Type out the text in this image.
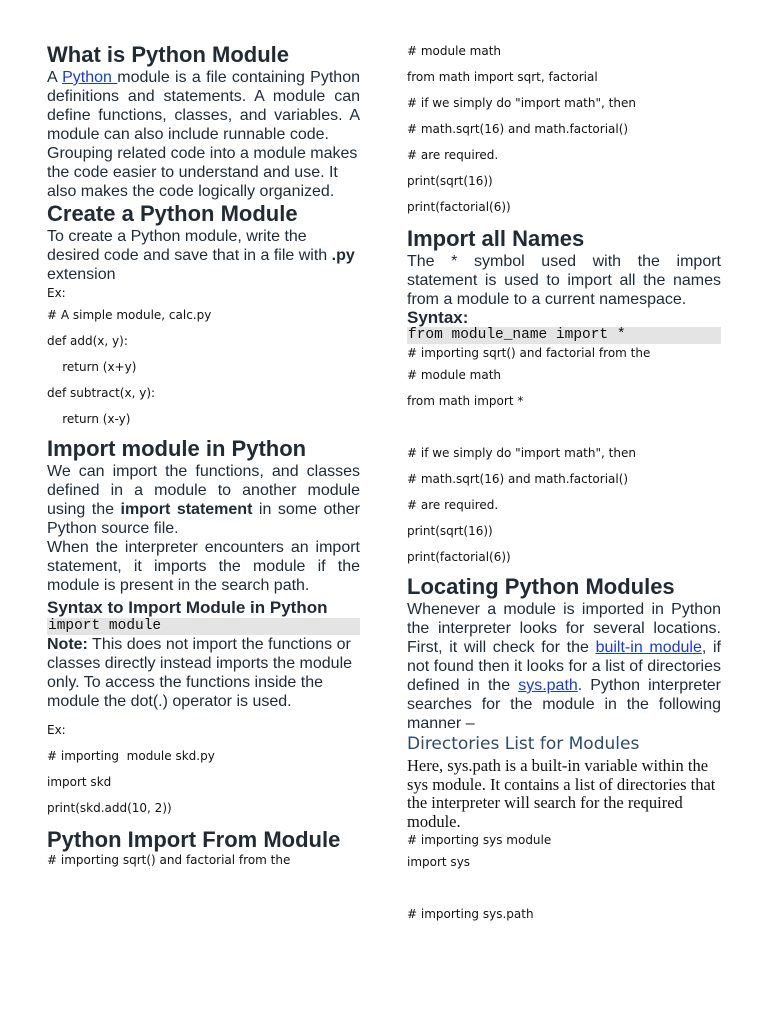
What is Python Module

A Python module is a file containing Python definitions and statements. A module can define functions, classes, and variables. A module can also include runnable code.

Grouping related code into a module makes the code easier to understand and use. It also makes the code logically organized.

Create a Python Module

To create a Python module, write the desired code and save that in a file with .py extension

Ex:

# A simple module, calc.py

def add(x, y):

return (x+y)

def subtract(x, y):

return (x-y)

Import module in Python

We can import the functions, and classes defined in a module to another module using the import statement in some other Python source file.

When the interpreter encounters an import statement, it imports the module if the module is present in the search path.

Syntax to Import Module in Python

import module

Note: This does not import the functions or classes directly instead imports the module only. To access the functions inside the module the dot(.) operator is used.

Ex:

# importing  module skd.py

import skd

print(skd.add(10, 2))

Python Import From Module

# importing sqrt() and factorial from the

# module math

from math import sqrt, factorial

# if we simply do "import math", then

# math.sqrt(16) and math.factorial()

# are required.

print(sqrt(16))

print(factorial(6))

Import all Names

The * symbol used with the import statement is used to import all the names from a module to a current namespace.

Syntax:

from module_name import *

# importing sqrt() and factorial from the

# module math

from math import *

# if we simply do "import math", then

# math.sqrt(16) and math.factorial()

# are required.

print(sqrt(16))

print(factorial(6))

Locating Python Modules

Whenever a module is imported in Python the interpreter looks for several locations. First, it will check for the built-in module, if not found then it looks for a list of directories defined in the sys.path. Python interpreter searches for the module in the following manner –

Directories List for Modules

Here, sys.path is a built-in variable within the sys module. It contains a list of directories that the interpreter will search for the required module.

# importing sys module

import sys

# importing sys.path
